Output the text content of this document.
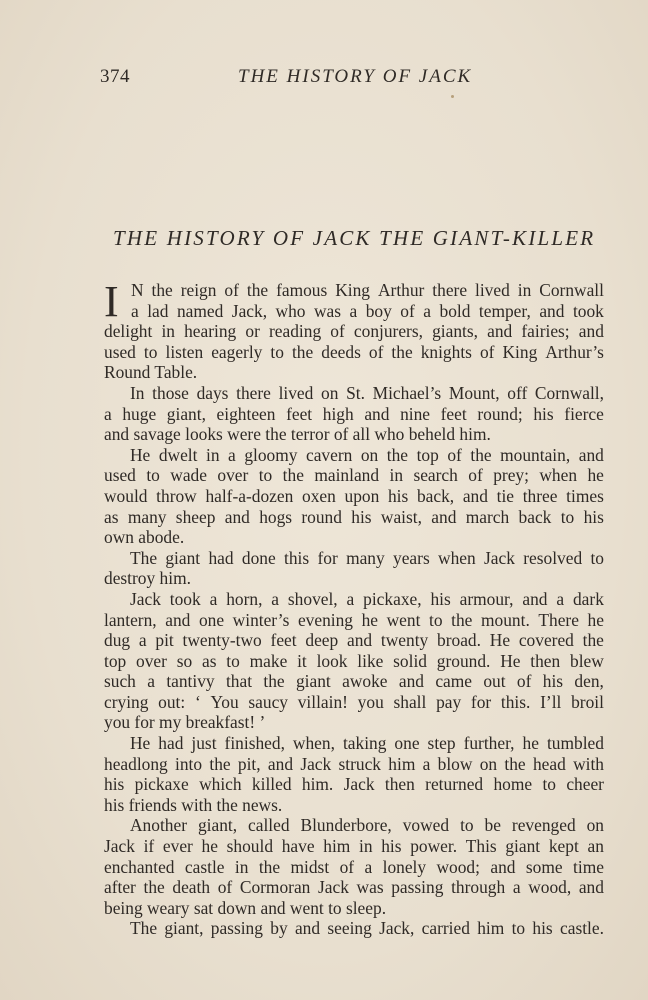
374	THE HISTORY OF JACK
THE HISTORY OF JACK THE GIANT-KILLER
I N the reign of the famous King Arthur there lived in Cornwall
a lad named Jack, who was a boy of a bold temper, and took
delight in hearing or reading of conjurers, giants, and fairies; and
used to listen eagerly to the deeds of the knights of King Arthur’s
Round Table.
In those days there lived on St. Michael’s Mount, off Cornwall,
a huge giant, eighteen feet high and nine feet round; his fierce
and savage looks were the terror of all who beheld him.
He dwelt in a gloomy cavern on the top of the mountain, and
used to wade over to the mainland in search of prey; when he
would throw half-a-dozen oxen upon his back, and tie three times
as many sheep and hogs round his waist, and march back to his
own abode.
The giant had done this for many years when Jack resolved to
destroy him.
Jack took a horn, a shovel, a pickaxe, his armour, and a dark
lantern, and one winter’s evening he went to the mount. There he
dug a pit twenty-two feet deep and twenty broad. He covered the
top over so as to make it look like solid ground. He then blew
such a tantivy that the giant awoke and came out of his den,
crying out: ‘ You saucy villain! you shall pay for this. I’ll broil
you for my breakfast! ’
He had just finished, when, taking one step further, he tumbled
headlong into the pit, and Jack struck him a blow on the head with
his pickaxe which killed him. Jack then returned home to cheer
his friends with the news.
Another giant, called Blunderbore, vowed to be revenged on
Jack if ever he should have him in his power. This giant kept an
enchanted castle in the midst of a lonely wood; and some time
after the death of Cormoran Jack was passing through a wood, and
being weary sat down and went to sleep.
The giant, passing by and seeing Jack, carried him to his castle.
